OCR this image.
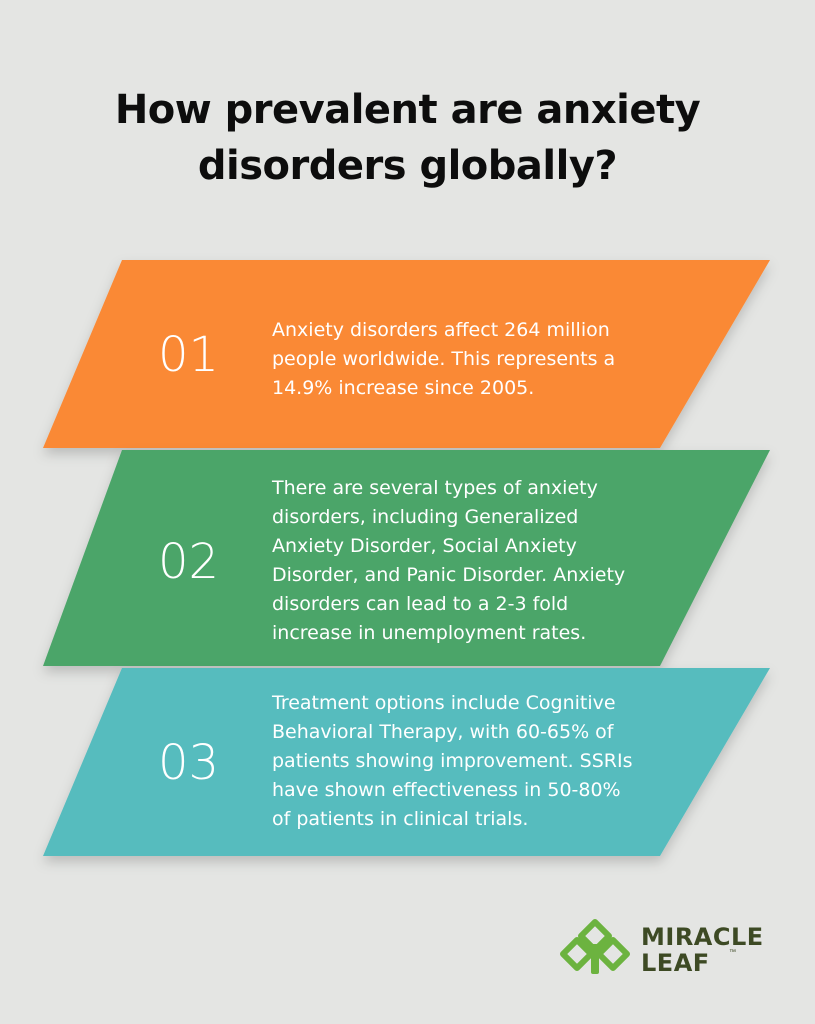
How prevalent are anxiety
disorders globally?
01	Anxiety disorders affect 264 million
people worldwide. This represents a
14.9% increase since 2005.
02
There are several types of anxiety
disorders, including Generalized
Anxiety Disorder, Social Anxiety
Disorder, and Panic Disorder. Anxiety
disorders can lead to a 2-3 fold
increase in unemployment rates.
03
Treatment options include Cognitive
Behavioral Therapy, with 60-65% of
patients showing improvement. SSRIs
have shown effectiveness in 50-80%
of patients in clinical trials.
MIRACLE
LEAF	™
